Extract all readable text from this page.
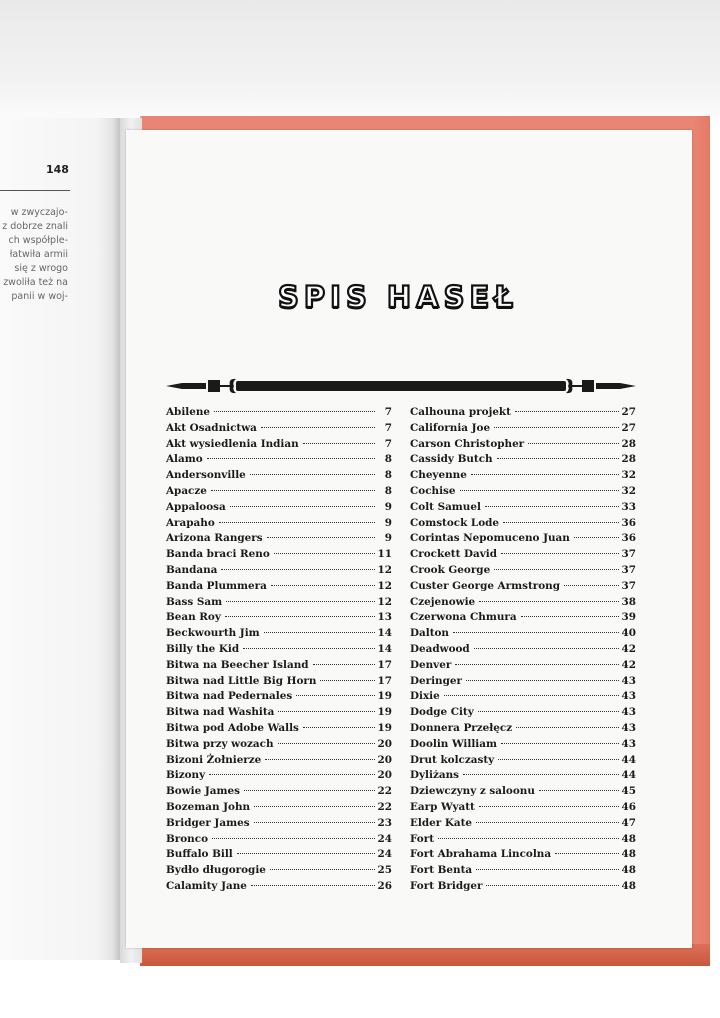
148
w zwyczajo-
z dobrze znali
ch współple-
łatwiła armii
się z wrogo
zwoliła też na
panii w woj-	SPIS HASEŁ
Abilene	7
Akt Osadnictwa	7
Akt wysiedlenia Indian	7
Alamo	8
Andersonville	8
Apacze	8
Appaloosa	9
Arapaho	9
Arizona Rangers	9
Banda braci Reno	11
Bandana	12
Banda Plummera	12
Bass Sam	12
Bean Roy	13
Beckwourth Jim	14
Billy the Kid	14
Bitwa na Beecher Island	17
Bitwa nad Little Big Horn	17
Bitwa nad Pedernales	19
Bitwa nad Washita	19
Bitwa pod Adobe Walls	19
Bitwa przy wozach	20
Bizoni Żołnierze	20
Bizony	20
Bowie James	22
Bozeman John	22
Bridger James	23
Bronco	24
Buffalo Bill	24
Bydło długorogie	25
Calamity Jane	26
Calhouna projekt	27
California Joe	27
Carson Christopher	28
Cassidy Butch	28
Cheyenne	32
Cochise	32
Colt Samuel	33
Comstock Lode	36
Corintas Nepomuceno Juan	36
Crockett David	37
Crook George	37
Custer George Armstrong	37
Czejenowie	38
Czerwona Chmura	39
Dalton	40
Deadwood	42
Denver	42
Deringer	43
Dixie	43
Dodge City	43
Donnera Przełęcz	43
Doolin William	43
Drut kolczasty	44
Dyliżans	44
Dziewczyny z saloonu	45
Earp Wyatt	46
Elder Kate	47
Fort	48
Fort Abrahama Lincolna	48
Fort Benta	48
Fort Bridger	48
